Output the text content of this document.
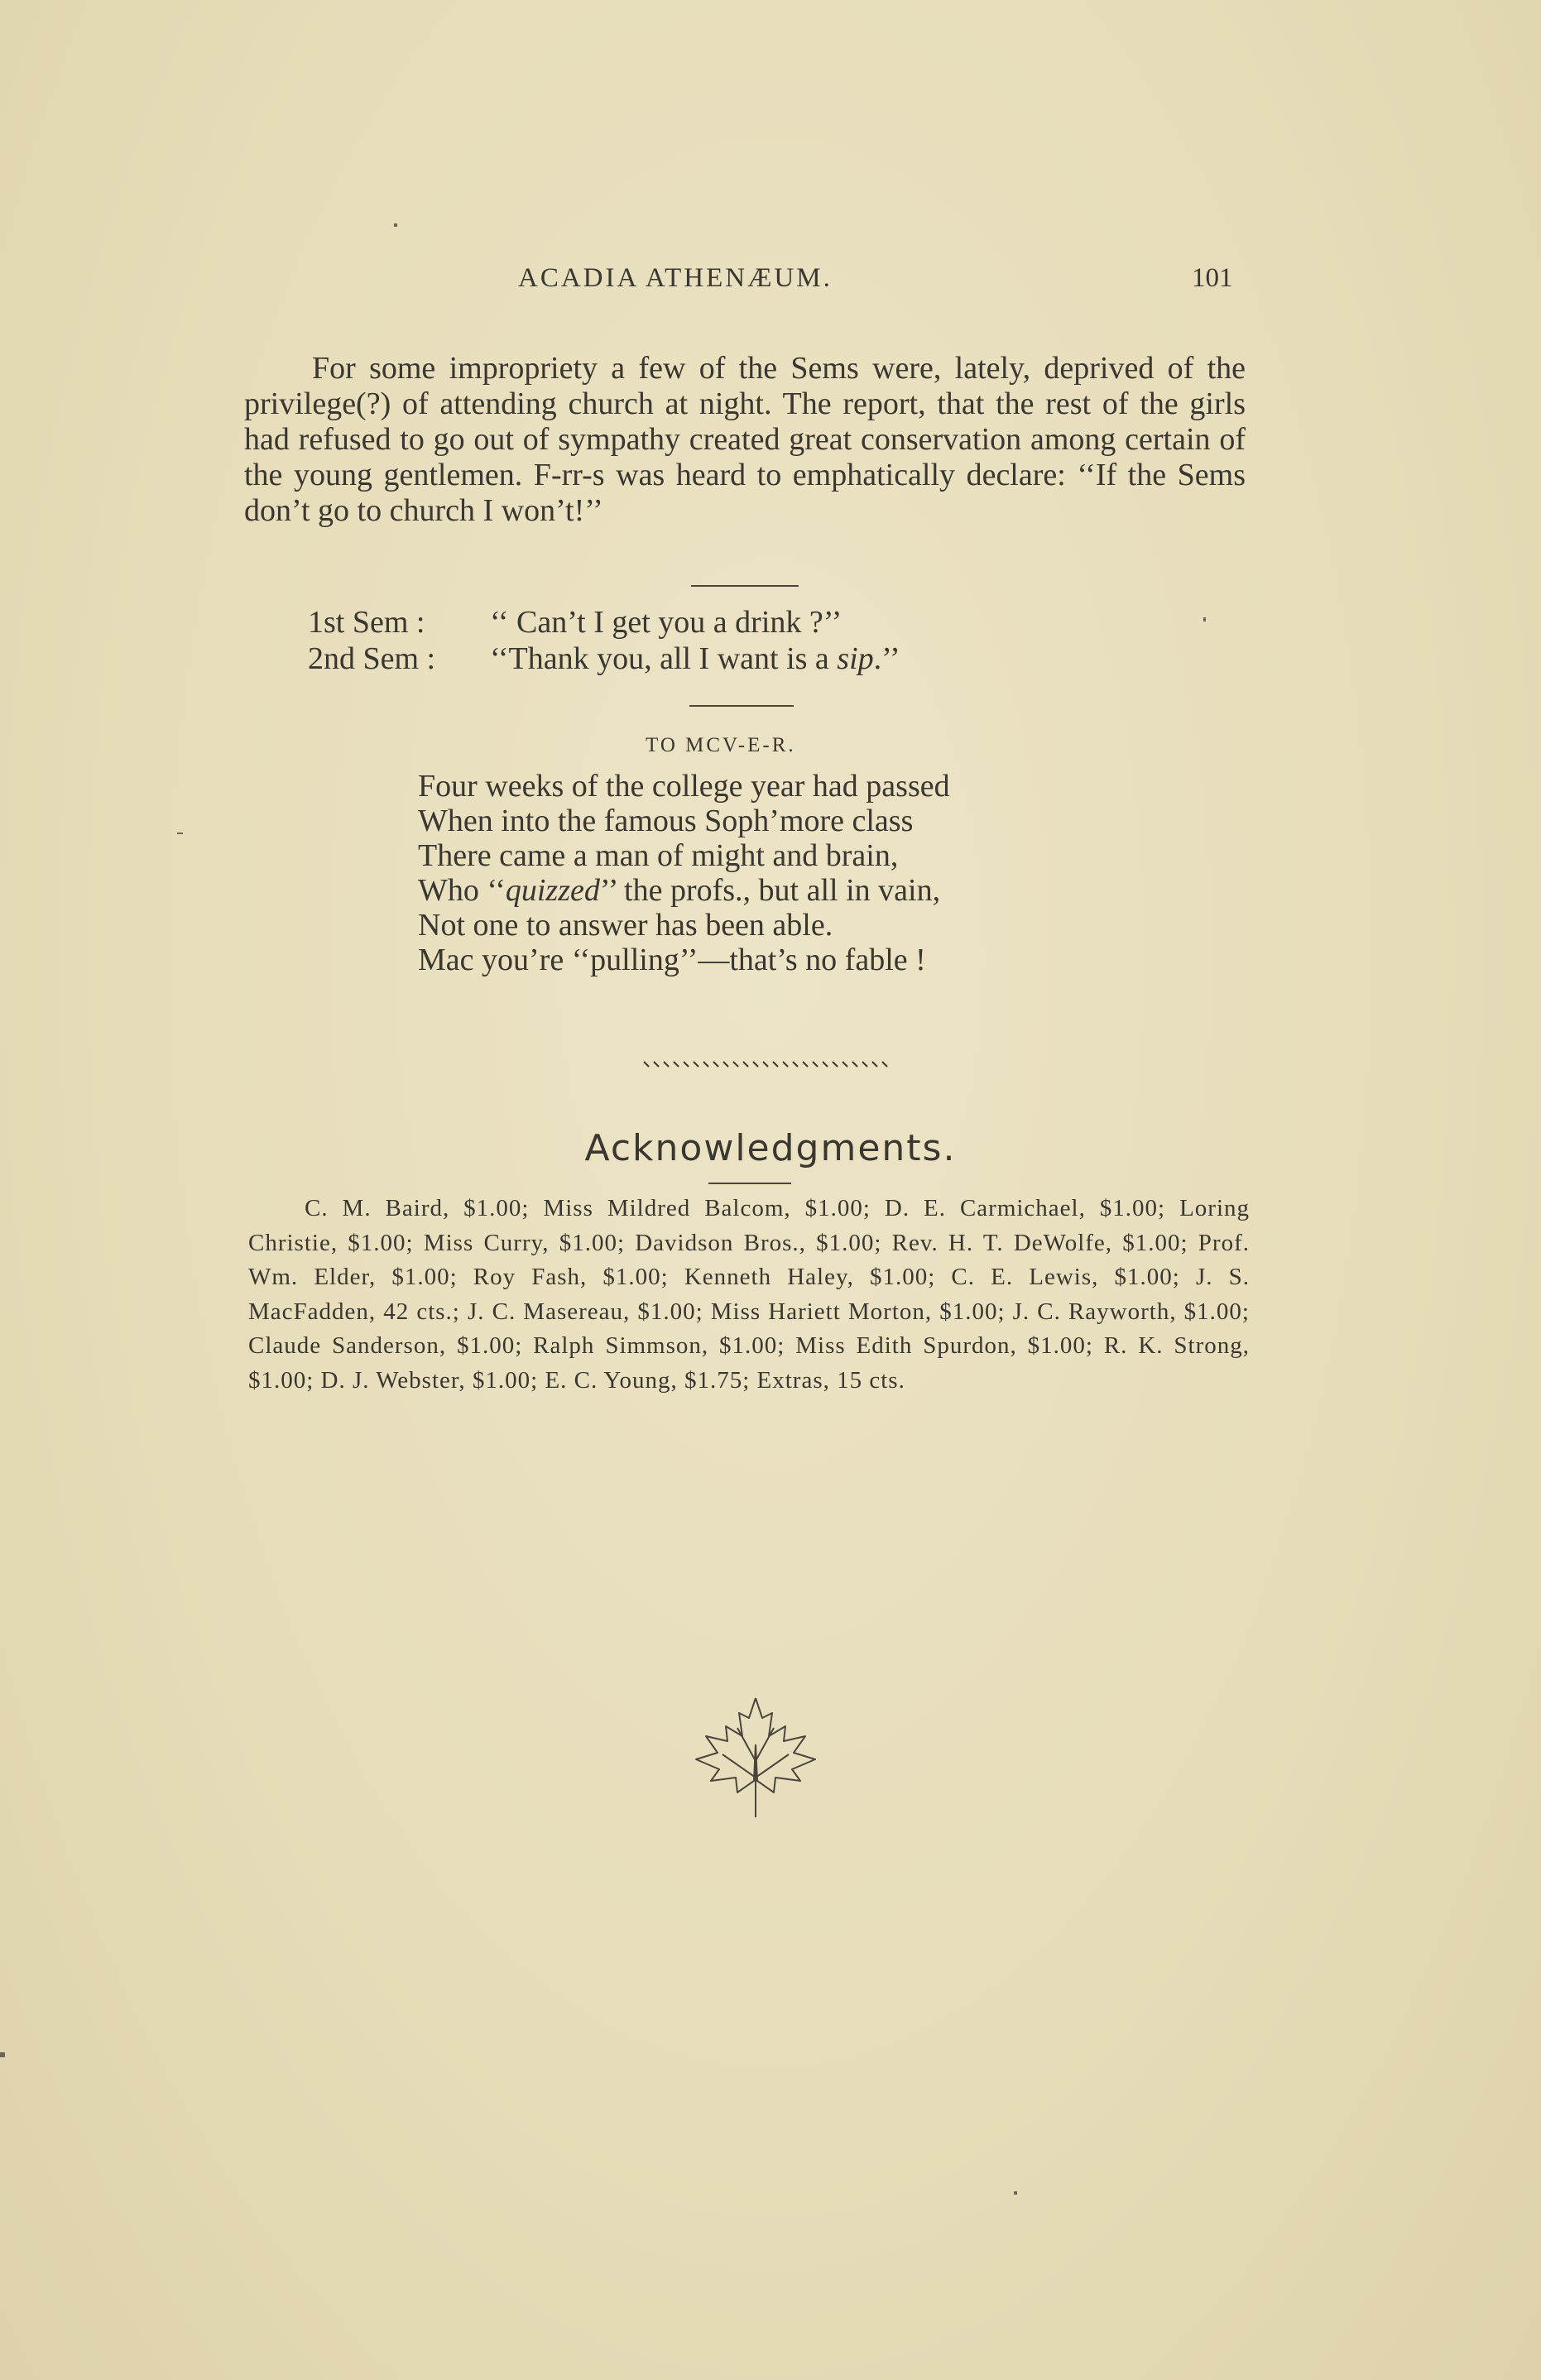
ACADIA ATHENÆUM.	101

For some impropriety a few of the Sems were, lately, deprived of the privilege(?) of attending church at night. The report, that the rest of the girls had refused to go out of sympathy created great conservation among certain of the young gentlemen. F-rr-s was heard to emphatically declare: ‘‘If the Sems don’t go to church I won’t!’’

1st Sem : ‘‘ Can’t I get you a drink ?’’
2nd Sem : ‘‘Thank you, all I want is a sip.’’
TO MCV-E-R.
Four weeks of the college year had passed
When into the famous Soph’more class
There came a man of might and brain,
Who ‘‘quizzed’’ the profs., but all in vain,
Not one to answer has been able.
Mac you’re ‘‘pulling’’—that’s no fable !
Acknowledgments.

C. M. Baird, $1.00; Miss Mildred Balcom, $1.00; D. E. Carmichael, $1.00; Loring Christie, $1.00; Miss Curry, $1.00; Davidson Bros., $1.00; Rev. H. T. DeWolfe, $1.00; Prof. Wm. Elder, $1.00; Roy Fash, $1.00; Kenneth Haley, $1.00; C. E. Lewis, $1.00; J. S. MacFadden, 42 cts.; J. C. Masereau, $1.00; Miss Hariett Morton, $1.00; J. C. Rayworth, $1.00; Claude Sanderson, $1.00; Ralph Simmson, $1.00; Miss Edith Spurdon, $1.00; R. K. Strong, $1.00; D. J. Webster, $1.00; E. C. Young, $1.75; Extras, 15 cts.
